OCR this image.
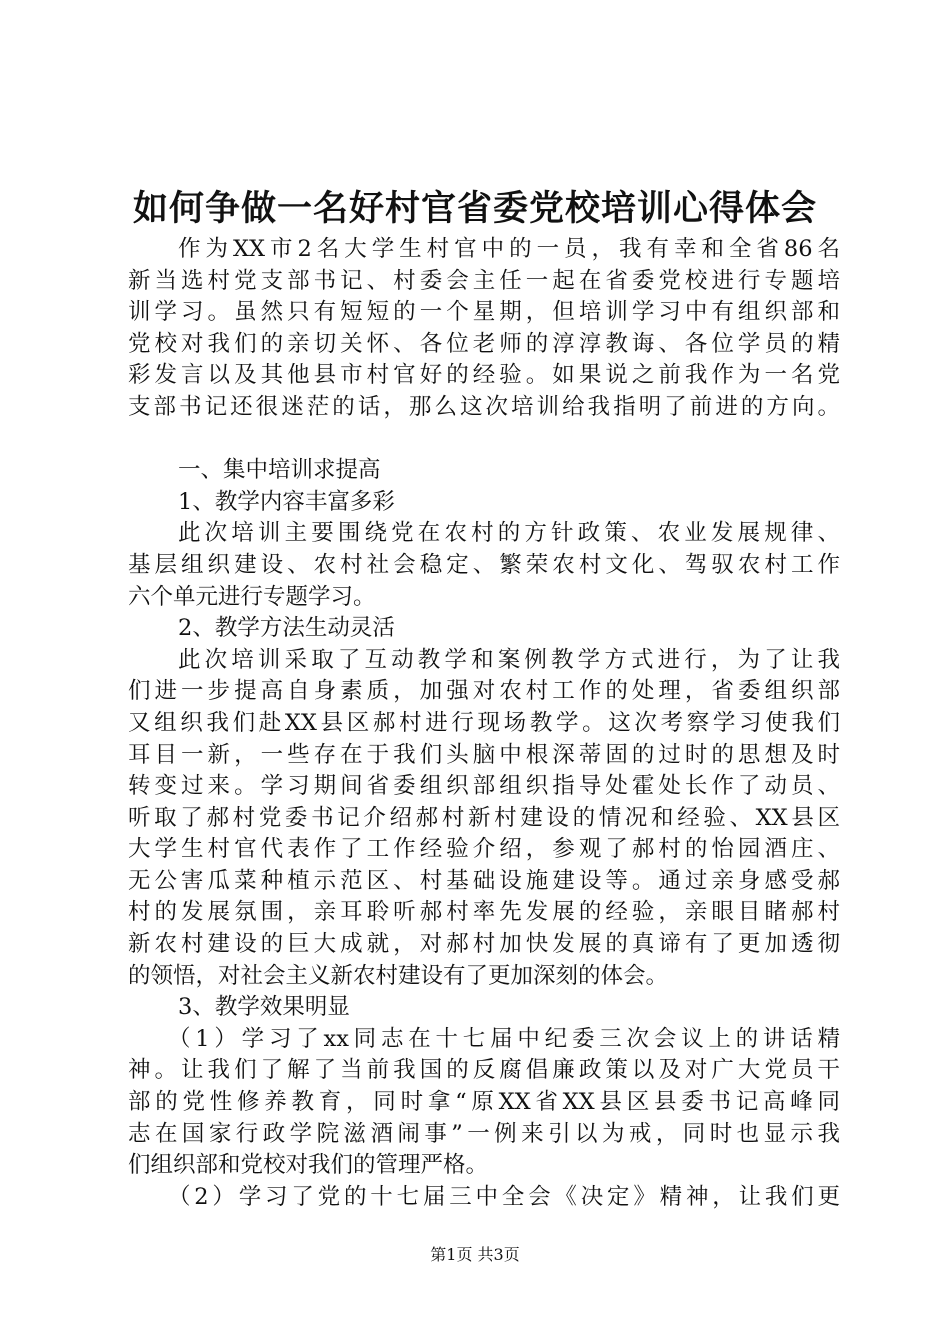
如何争做一名好村官省委党校培训心得体会
作为XX市2名大学生村官中的一员，我有幸和全省86名
新当选村党支部书记、村委会主任一起在省委党校进行专题培
训学习。虽然只有短短的一个星期，但培训学习中有组织部和
党校对我们的亲切关怀、各位老师的淳淳教诲、各位学员的精
彩发言以及其他县市村官好的经验。如果说之前我作为一名党
支部书记还很迷茫的话，那么这次培训给我指明了前进的方向。
一、集中培训求提高
1、教学内容丰富多彩
此次培训主要围绕党在农村的方针政策、农业发展规律、
基层组织建设、农村社会稳定、繁荣农村文化、驾驭农村工作
六个单元进行专题学习。
2、教学方法生动灵活
此次培训采取了互动教学和案例教学方式进行，为了让我
们进一步提高自身素质，加强对农村工作的处理，省委组织部
又组织我们赴XX县区郝村进行现场教学。这次考察学习使我们
耳目一新，一些存在于我们头脑中根深蒂固的过时的思想及时
转变过来。学习期间省委组织部组织指导处霍处长作了动员、
听取了郝村党委书记介绍郝村新村建设的情况和经验、XX县区
大学生村官代表作了工作经验介绍，参观了郝村的怡园酒庄、
无公害瓜菜种植示范区、村基础设施建设等。通过亲身感受郝
村的发展氛围，亲耳聆听郝村率先发展的经验，亲眼目睹郝村
新农村建设的巨大成就，对郝村加快发展的真谛有了更加透彻
的领悟，对社会主义新农村建设有了更加深刻的体会。
3、教学效果明显
（1）学习了xx同志在十七届中纪委三次会议上的讲话精
神。让我们了解了当前我国的反腐倡廉政策以及对广大党员干
部的党性修养教育，同时拿“原XX省XX县区县委书记高峰同
志在国家行政学院滋酒闹事”一例来引以为戒，同时也显示我
们组织部和党校对我们的管理严格。
（2）学习了党的十七届三中全会《决定》精神，让我们更
第1页 共3页
